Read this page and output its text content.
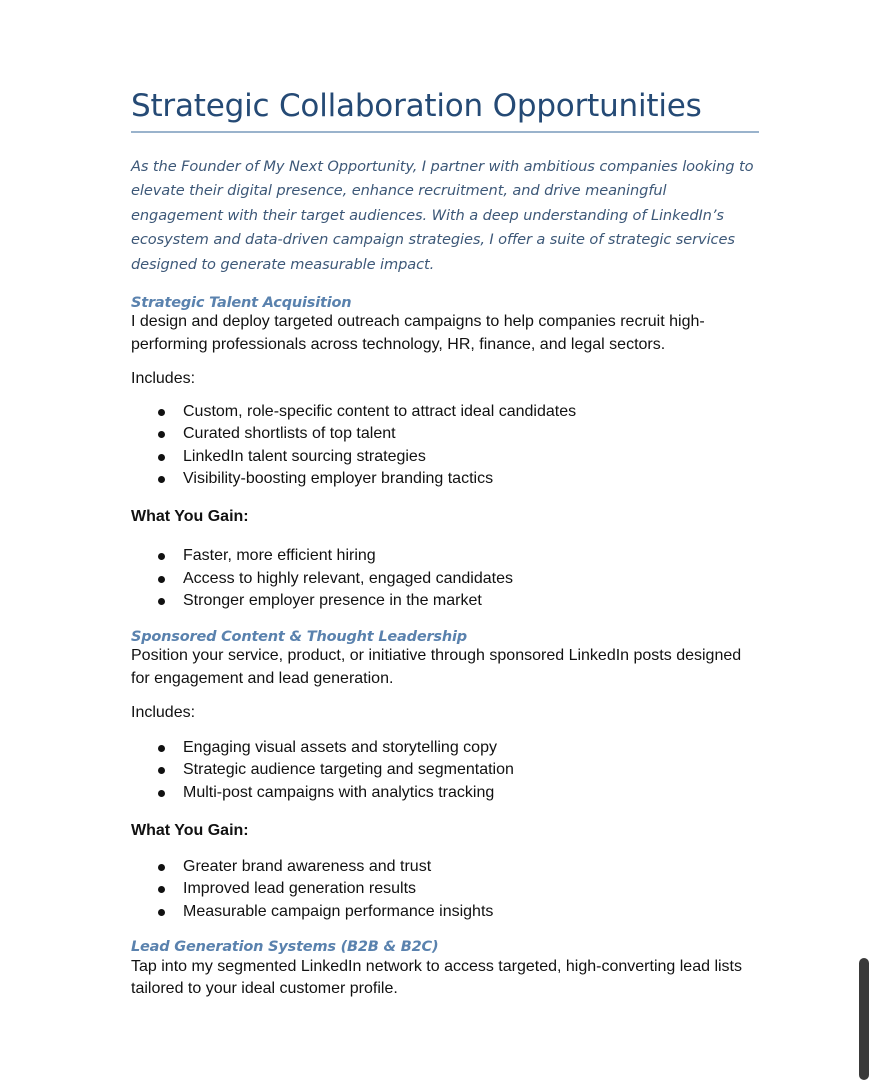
Strategic Collaboration Opportunities

As the Founder of My Next Opportunity, I partner with ambitious companies looking to elevate their digital presence, enhance recruitment, and drive meaningful engagement with their target audiences. With a deep understanding of LinkedIn’s ecosystem and data-driven campaign strategies, I offer a suite of strategic services designed to generate measurable impact.

Strategic Talent Acquisition

I design and deploy targeted outreach campaigns to help companies recruit high-performing professionals across technology, HR, finance, and legal sectors.

Includes:

Custom, role-specific content to attract ideal candidates
Curated shortlists of top talent
LinkedIn talent sourcing strategies
Visibility-boosting employer branding tactics

What You Gain:

Faster, more efficient hiring
Access to highly relevant, engaged candidates
Stronger employer presence in the market

Sponsored Content & Thought Leadership

Position your service, product, or initiative through sponsored LinkedIn posts designed for engagement and lead generation.

Includes:

Engaging visual assets and storytelling copy
Strategic audience targeting and segmentation
Multi-post campaigns with analytics tracking

What You Gain:

Greater brand awareness and trust
Improved lead generation results
Measurable campaign performance insights

Lead Generation Systems (B2B & B2C)

Tap into my segmented LinkedIn network to access targeted, high-converting lead lists tailored to your ideal customer profile.
